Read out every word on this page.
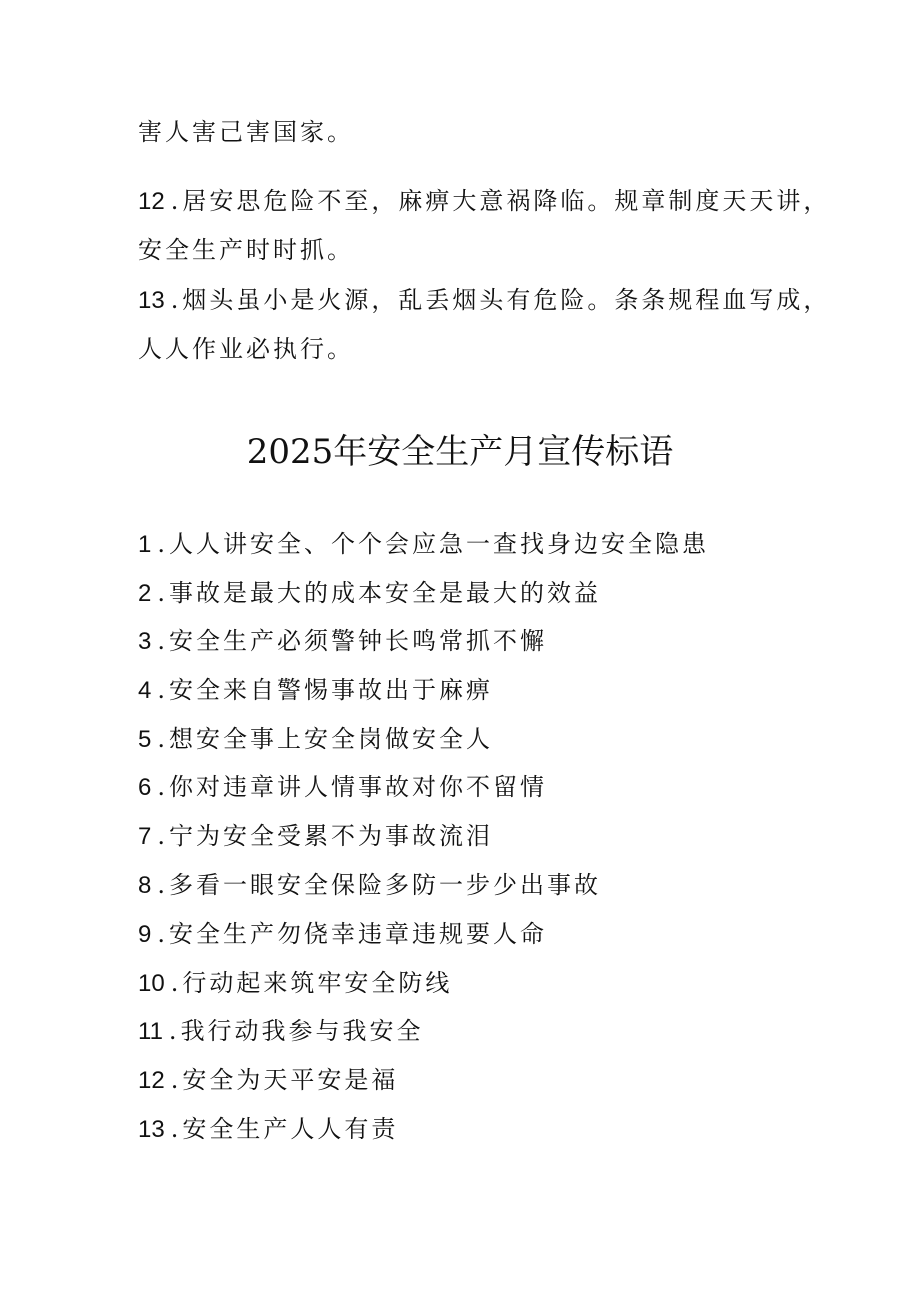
害人害己害国家。
12 . 居安思危险不至，麻痹大意祸降临。规章制度天天讲，
安全生产时时抓。
13 . 烟头虽小是火源，乱丢烟头有危险。条条规程血写成，
人人作业必执行。
2025年安全生产月宣传标语
1 . 人人讲安全、个个会应急一查找身边安全隐患
2 . 事故是最大的成本安全是最大的效益
3 . 安全生产必须警钟长鸣常抓不懈
4 . 安全来自警惕事故出于麻痹
5 . 想安全事上安全岗做安全人
6 . 你对违章讲人情事故对你不留情
7 . 宁为安全受累不为事故流泪
8 . 多看一眼安全保险多防一步少出事故
9 . 安全生产勿侥幸违章违规要人命
10 . 行动起来筑牢安全防线
11 . 我行动我参与我安全
12 . 安全为天平安是福
13 . 安全生产人人有责
